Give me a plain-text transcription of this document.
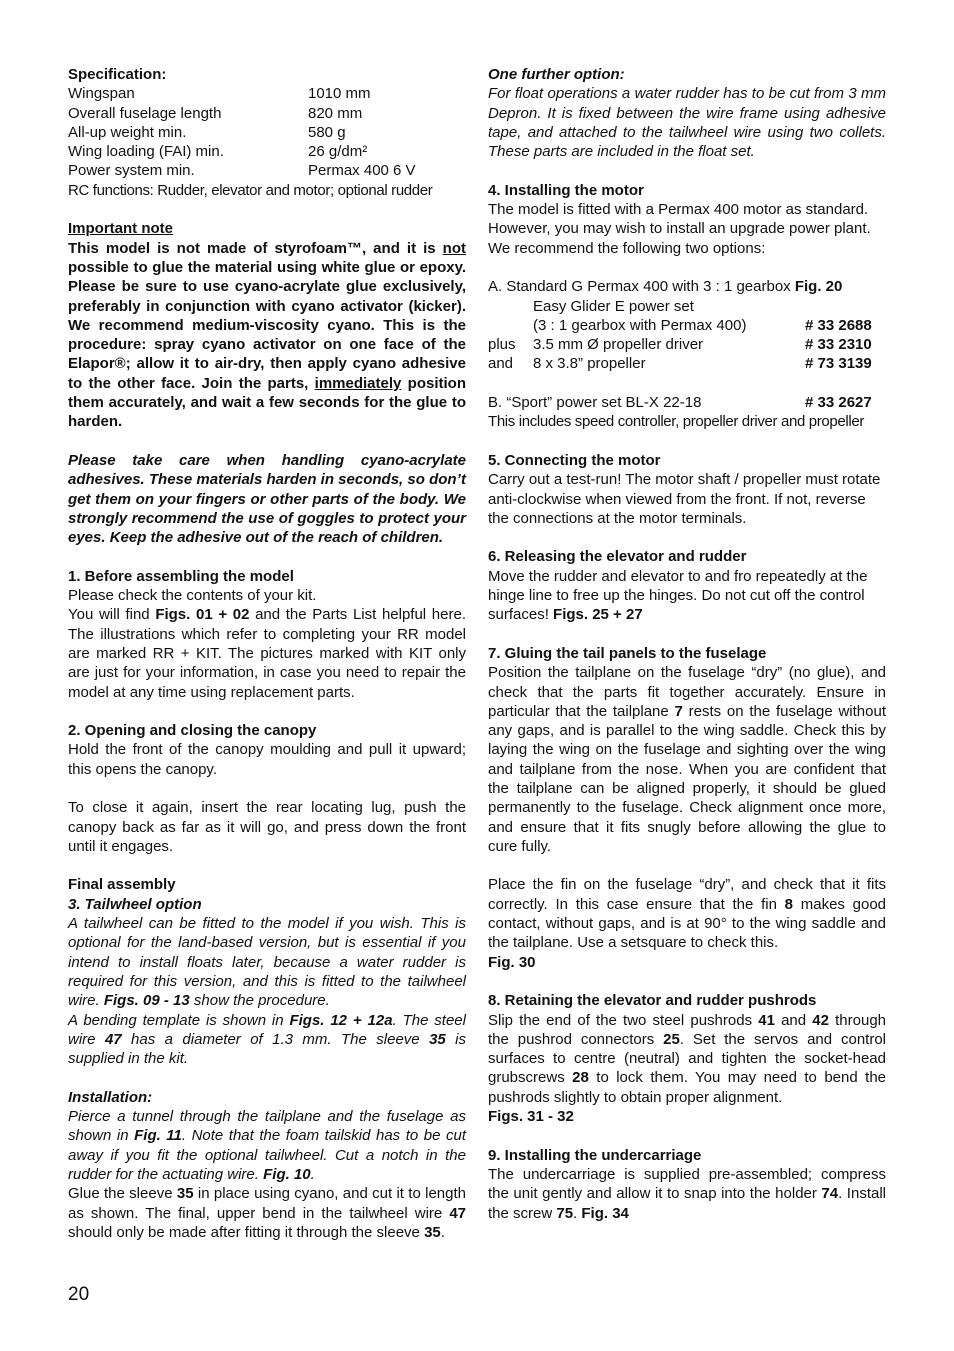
Specification:

Wingspan	1010 mm
Overall fuselage length	820 mm
All-up weight min.	580 g
Wing loading (FAI) min.	26 g/dm²
Power system min.	Permax 400 6 V

RC functions: Rudder, elevator and motor; optional rudder

Important note

This model is not made of styrofoam™, and it is not possible to glue the material using white glue or epoxy. Please be sure to use cyano-acrylate glue exclusively, preferably in conjunction with cyano activator (kicker). We recommend medium-viscosity cyano. This is the procedure: spray cyano activator on one face of the Elapor®; allow it to air-dry, then apply cyano adhesive to the other face. Join the parts, immediately position them accurately, and wait a few seconds for the glue to harden.

Please take care when handling cyano-acrylate adhesives. These materials harden in seconds, so don’t get them on your fingers or other parts of the body. We strongly recommend the use of goggles to protect your eyes. Keep the adhesive out of the reach of children.

1. Before assembling the model

Please check the contents of your kit.

You will find Figs. 01 + 02 and the Parts List helpful here. The illustrations which refer to completing your RR model are marked RR + KIT. The pictures marked with KIT only are just for your information, in case you need to repair the model at any time using replacement parts.

2. Opening and closing the canopy

Hold the front of the canopy moulding and pull it upward; this opens the canopy.

To close it again, insert the rear locating lug, push the canopy back as far as it will go, and press down the front until it engages.

Final assembly

3. Tailwheel option

A tailwheel can be fitted to the model if you wish. This is optional for the land-based version, but is essential if you intend to install floats later, because a water rudder is required for this version, and this is fitted to the tailwheel wire. Figs. 09 - 13 show the procedure.

A bending template is shown in Figs. 12 + 12a. The steel wire 47 has a diameter of 1.3 mm. The sleeve 35 is supplied in the kit.

Installation:

Pierce a tunnel through the tailplane and the fuselage as shown in Fig. 11. Note that the foam tailskid has to be cut away if you fit the optional tailwheel. Cut a notch in the rudder for the actuating wire. Fig. 10.

Glue the sleeve 35 in place using cyano, and cut it to length as shown. The final, upper bend in the tailwheel wire 47 should only be made after fitting it through the sleeve 35.

One further option:

For float operations a water rudder has to be cut from 3 mm Depron. It is fixed between the wire frame using adhesive tape, and attached to the tailwheel wire using two collets. These parts are included in the float set.

4. Installing the motor

The model is fitted with a Permax 400 motor as standard. However, you may wish to install an upgrade power plant. We recommend the following two options:

A. Standard G Permax 400 with 3 : 1 gearbox Fig. 20

Easy Glider E power set
(3 : 1 gearbox with Permax 400)	# 33 2688
plus	3.5 mm Ø propeller driver	# 33 2310
and	8 x 3.8” propeller	# 73 3139
B. “Sport” power set BL-X 22-18	# 33 2627

This includes speed controller, propeller driver and propeller

5. Connecting the motor

Carry out a test-run! The motor shaft / propeller must rotate anti-clockwise when viewed from the front. If not, reverse the connections at the motor terminals.

6. Releasing the elevator and rudder

Move the rudder and elevator to and fro repeatedly at the hinge line to free up the hinges. Do not cut off the control surfaces! Figs. 25 + 27

7. Gluing the tail panels to the fuselage

Position the tailplane on the fuselage “dry” (no glue), and check that the parts fit together accurately. Ensure in particular that the tailplane 7 rests on the fuselage without any gaps, and is parallel to the wing saddle. Check this by laying the wing on the fuselage and sighting over the wing and tailplane from the nose. When you are confident that the tailplane can be aligned properly, it should be glued permanently to the fuselage. Check alignment once more, and ensure that it fits snugly before allowing the glue to cure fully.

Place the fin on the fuselage “dry”, and check that it fits correctly. In this case ensure that the fin 8 makes good contact, without gaps, and is at 90° to the wing saddle and the tailplane. Use a setsquare to check this.

Fig. 30

8. Retaining the elevator and rudder pushrods

Slip the end of the two steel pushrods 41 and 42 through the pushrod connectors 25. Set the servos and control surfaces to centre (neutral) and tighten the socket-head grubscrews 28 to lock them. You may need to bend the pushrods slightly to obtain proper alignment.

Figs. 31 - 32

9. Installing the undercarriage

The undercarriage is supplied pre-assembled; compress the unit gently and allow it to snap into the holder 74. Install the screw 75. Fig. 34

20
